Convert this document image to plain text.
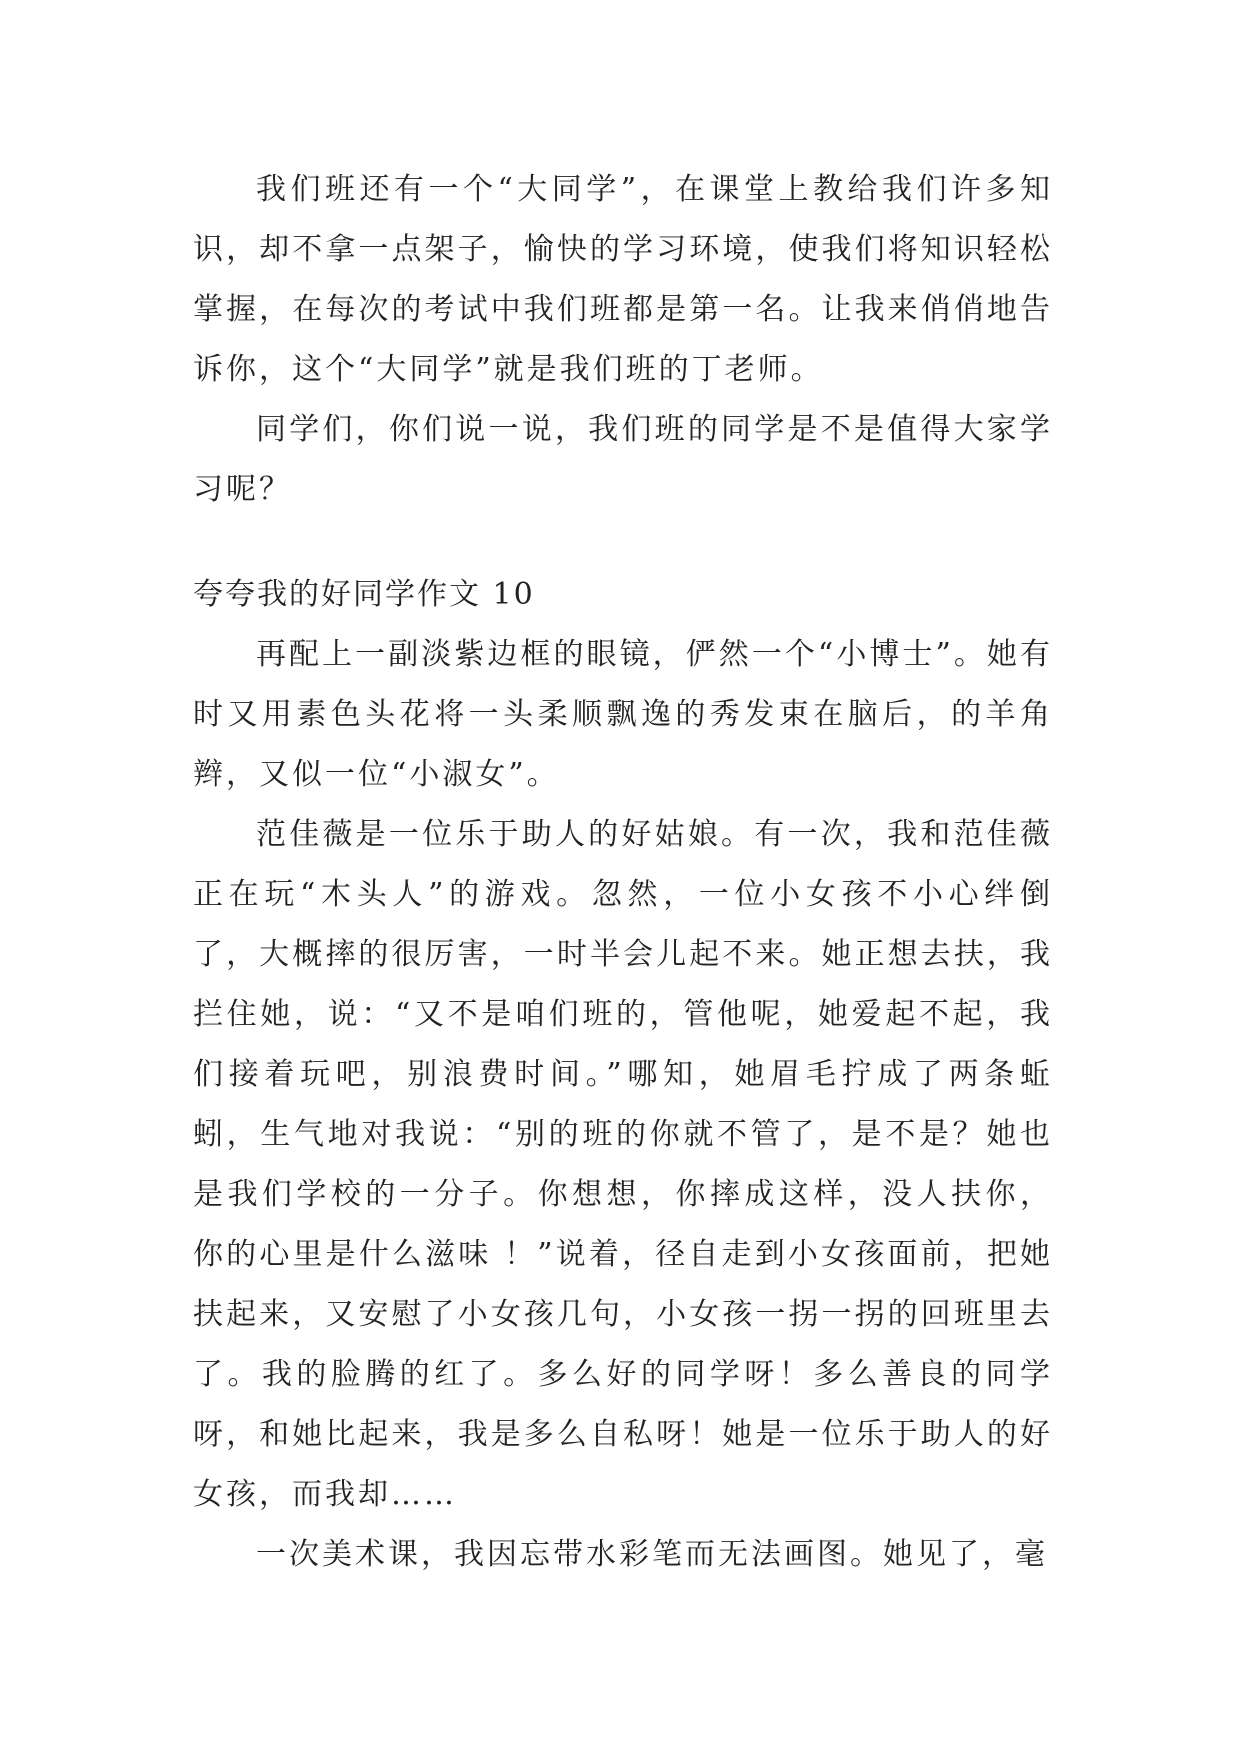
我们班还有一个“大同学”，在课堂上教给我们许多知识，却不拿一点架子，愉快的学习环境，使我们将知识轻松掌握，在每次的考试中我们班都是第一名。让我来俏俏地告诉你，这个“大同学”就是我们班的丁老师。

同学们，你们说一说，我们班的同学是不是值得大家学习呢？

夸夸我的好同学作文 10

再配上一副淡紫边框的眼镜，俨然一个“小博士”。她有时又用素色头花将一头柔顺飘逸的秀发束在脑后，的羊角辫，又似一位“小淑女”。

范佳薇是一位乐于助人的好姑娘。有一次，我和范佳薇正在玩“木头人”的游戏。忽然，一位小女孩不小心绊倒了，大概摔的很厉害，一时半会儿起不来。她正想去扶，我拦住她，说：“又不是咱们班的，管他呢，她爱起不起，我们接着玩吧，别浪费时间。”哪知，她眉毛拧成了两条蚯蚓，生气地对我说：“别的班的你就不管了，是不是？她也是我们学校的一分子。你想想，你摔成这样，没人扶你， 你的心里是什么滋味 ！”说着，径自走到小女孩面前，把她扶起来，又安慰了小女孩几句，小女孩一拐一拐的回班里去了。我的脸腾的红了。多么好的同学呀！多么善良的同学呀，和她比起来，我是多么自私呀！她是一位乐于助人的好女孩，而我却……

一次美术课，我因忘带水彩笔而无法画图。她见了，毫
